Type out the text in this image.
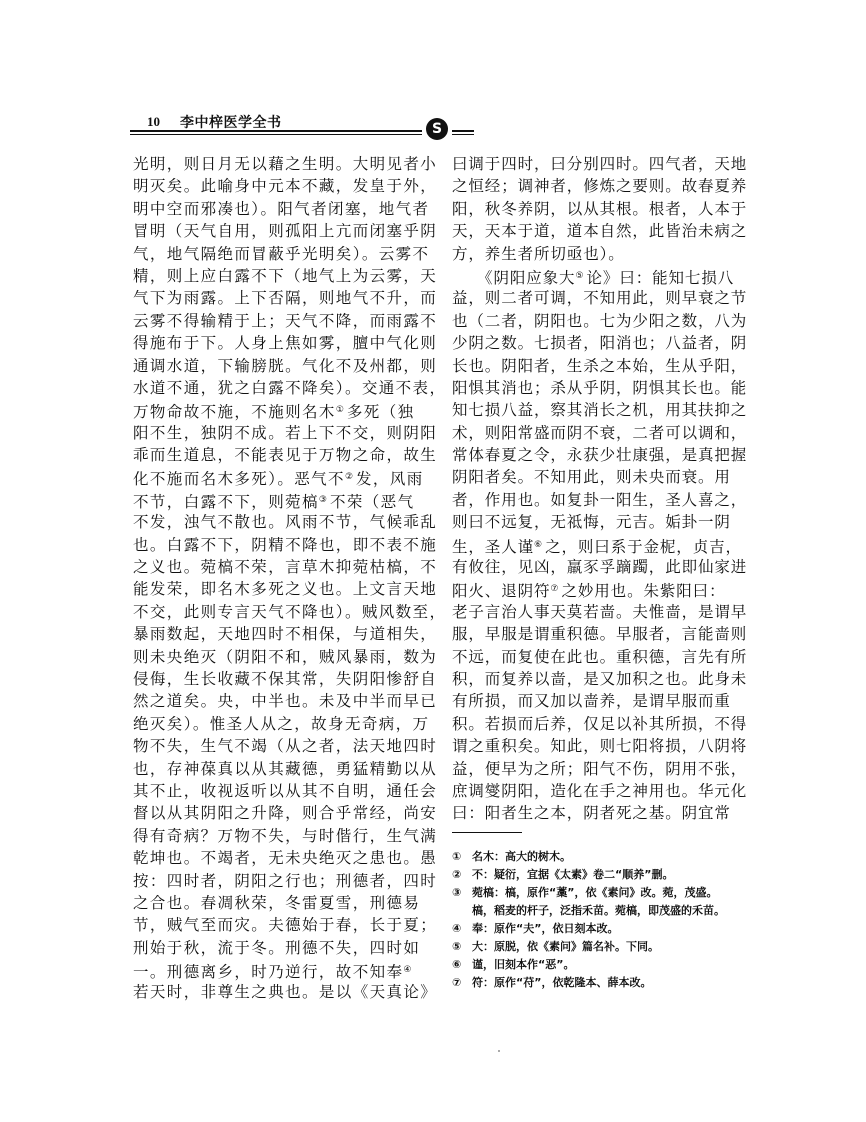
10 李中梓医学全书	S
光明，则日月无以藉之生明。大明见者小
明灭矣。此喻身中元本不藏，发皇于外，
明中空而邪凑也）。阳气者闭塞，地气者
冒明（天气自用，则孤阳上亢而闭塞乎阴
气，地气隔绝而冒蔽乎光明矣）。云雾不
精，则上应白露不下（地气上为云雾，天
气下为雨露。上下否隔，则地气不升，而
云雾不得输精于上；天气不降，而雨露不
得施布于下。人身上焦如雾，膻中气化则
通调水道，下输膀胱。气化不及州都，则
水道不通，犹之白露不降矣）。交通不表，
万物命故不施，不施则名木① 多死（独
阳不生，独阴不成。若上下不交，则阴阳
乖而生道息，不能表见于万物之命，故生
化不施而名木多死）。恶气不② 发，风雨
不节，白露不下，则菀槁③ 不荣（恶气
不发，浊气不散也。风雨不节，气候乖乱
也。白露不下，阴精不降也，即不表不施
之义也。菀槁不荣，言草木抑菀枯槁，不
能发荣，即名木多死之义也。上文言天地
不交，此则专言天气不降也）。贼风数至，
暴雨数起，天地四时不相保，与道相失，
则未央绝灭（阴阳不和，贼风暴雨，数为
侵侮，生长收藏不保其常，失阴阳惨舒自
然之道矣。央，中半也。未及中半而早已
绝灭矣）。惟圣人从之，故身无奇病，万
物不失，生气不竭（从之者，法天地四时
也，存神葆真以从其藏德，勇猛精勤以从
其不止，收视返听以从其不自明，通任会
督以从其阴阳之升降，则合乎常经，尚安
得有奇病？万物不失，与时偕行，生气满
乾坤也。不竭者，无未央绝灭之患也。愚
按：四时者，阴阳之行也；刑德者，四时
之合也。春凋秋荣，冬雷夏雪，刑德易
节，贼气至而灾。夫德始于春，长于夏；
刑始于秋，流于冬。刑德不失，四时如
一。刑德离乡，时乃逆行，故不知奉④
若天时，非尊生之典也。是以《天真论》
曰调于四时，曰分别四时。四气者，天地
之恒经；调神者，修炼之要则。故春夏养
阳，秋冬养阴，以从其根。根者，人本于
天，天本于道，道本自然，此皆治未病之
方，养生者所切亟也）。
　　《阴阳应象大⑤ 论》曰：能知七损八
益，则二者可调，不知用此，则早衰之节
也（二者，阴阳也。七为少阳之数，八为
少阴之数。七损者，阳消也；八益者，阴
长也。阴阳者，生杀之本始，生从乎阳，
阳惧其消也；杀从乎阴，阴惧其长也。能
知七损八益，察其消长之机，用其扶抑之
术，则阳常盛而阴不衰，二者可以调和，
常体春夏之令，永获少壮康强，是真把握
阴阳者矣。不知用此，则未央而衰。用
者，作用也。如复卦一阳生，圣人喜之，
则曰不远复，无祗悔，元吉。姤卦一阴
生，圣人谨⑥ 之，则曰系于金柅，贞吉，
有攸往，见凶，羸豕孚蹢躅，此即仙家进
阳火、退阴符⑦ 之妙用也。朱紫阳曰：
老子言治人事天莫若啬。夫惟啬，是谓早
服，早服是谓重积德。早服者，言能啬则
不远，而复使在此也。重积德，言先有所
积，而复养以啬，是又加积之也。此身未
有所损，而又加以啬养，是谓早服而重
积。若损而后养，仅足以补其所损，不得
谓之重积矣。知此，则七阳将损，八阴将
益，便早为之所；阳气不伤，阴用不张，
庶调燮阴阳，造化在手之神用也。华元化
曰：阳者生之本，阴者死之基。阴宜常
① 名木：高大的树木。
② 不：疑衍，宜据《太素》卷二“顺养”删。
③ 菀槁：槁，原作“藁”，依《素问》改。菀，茂盛。槁，稻麦的杆子，泛指禾苗。菀槁，即茂盛的禾苗。
④ 奉：原作“夫”，依日刻本改。
⑤ 大：原脱，依《素问》篇名补。下同。
⑥ 谨，旧刻本作“恶”。
⑦ 符：原作“苻”，依乾隆本、薛本改。
